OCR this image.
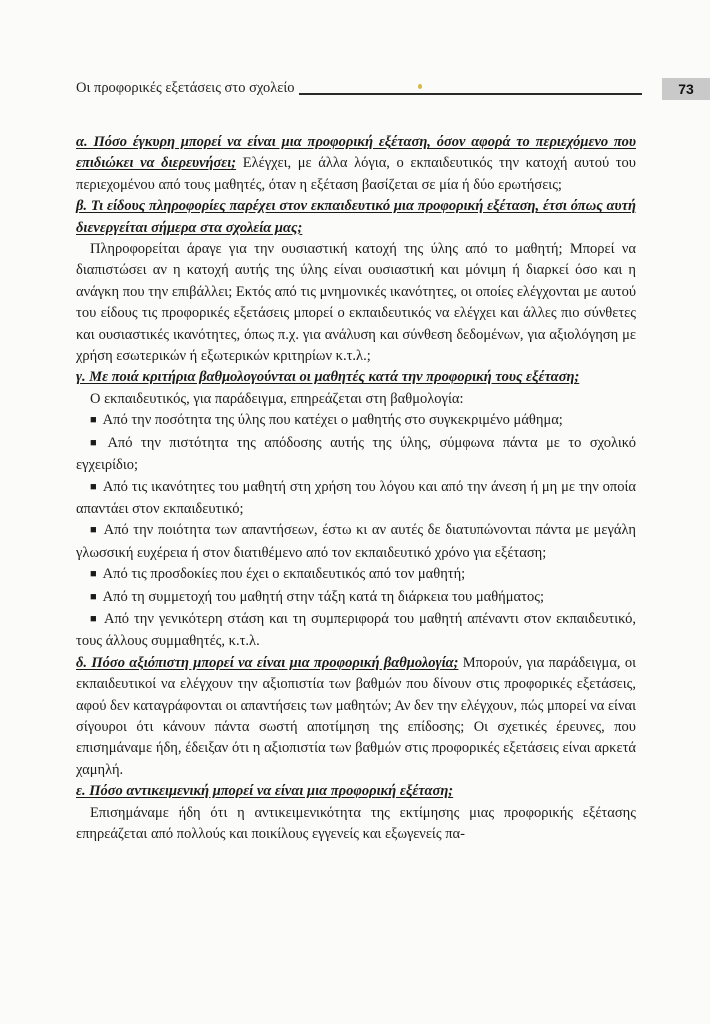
Οι προφορικές εξετάσεις στο σχολείο	73

α. Πόσο έγκυρη μπορεί να είναι μια προφορική εξέταση, όσον αφορά το περιεχόμενο που επιδιώκει να διερευνήσει; Ελέγχει, με άλλα λόγια, ο εκπαιδευτικός την κατοχή αυτού του περιεχομένου από τους μαθητές, όταν η εξέταση βασίζεται σε μία ή δύο ερωτήσεις;

β. Τι είδους πληροφορίες παρέχει στον εκπαιδευτικό μια προφορική εξέταση, έτσι όπως αυτή διενεργείται σήμερα στα σχολεία μας;

Πληροφορείται άραγε για την ουσιαστική κατοχή της ύλης από το μαθητή; Μπορεί να διαπιστώσει αν η κατοχή αυτής της ύλης είναι ουσιαστική και μόνιμη ή διαρκεί όσο και η ανάγκη που την επιβάλλει; Εκτός από τις μνημονικές ικανότητες, οι οποίες ελέγχονται με αυτού του είδους τις προφορικές εξετάσεις μπορεί ο εκπαιδευτικός να ελέγχει και άλλες πιο σύνθετες και ουσιαστικές ικανότητες, όπως π.χ. για ανάλυση και σύνθεση δεδομένων, για αξιολόγηση με χρήση εσωτερικών ή εξωτερικών κριτηρίων κ.τ.λ.;

γ. Με ποιά κριτήρια βαθμολογούνται οι μαθητές κατά την προφορική τους εξέταση;

Ο εκπαιδευτικός, για παράδειγμα, επηρεάζεται στη βαθμολογία:

■ Από την ποσότητα της ύλης που κατέχει ο μαθητής στο συγκεκριμένο μάθημα;

■ Από την πιστότητα της απόδοσης αυτής της ύλης, σύμφωνα πάντα με το σχολικό εγχειρίδιο;

■ Από τις ικανότητες του μαθητή στη χρήση του λόγου και από την άνεση ή μη με την οποία απαντάει στον εκπαιδευτικό;

■ Από την ποιότητα των απαντήσεων, έστω κι αν αυτές δε διατυπώνονται πάντα με μεγάλη γλωσσική ευχέρεια ή στον διατιθέμενο από τον εκπαιδευτικό χρόνο για εξέταση;

■ Από τις προσδοκίες που έχει ο εκπαιδευτικός από τον μαθητή;

■ Από τη συμμετοχή του μαθητή στην τάξη κατά τη διάρκεια του μαθήματος;

■ Από την γενικότερη στάση και τη συμπεριφορά του μαθητή απέναντι στον εκπαιδευτικό, τους άλλους συμμαθητές, κ.τ.λ.

δ. Πόσο αξιόπιστη μπορεί να είναι μια προφορική βαθμολογία; Μπορούν, για παράδειγμα, οι εκπαιδευτικοί να ελέγχουν την αξιοπιστία των βαθμών που δίνουν στις προφορικές εξετάσεις, αφού δεν καταγράφονται οι απαντήσεις των μαθητών; Αν δεν την ελέγχουν, πώς μπορεί να είναι σίγουροι ότι κάνουν πάντα σωστή αποτίμηση της επίδοσης; Οι σχετικές έρευνες, που επισημάναμε ήδη, έδειξαν ότι η αξιοπιστία των βαθμών στις προφορικές εξετάσεις είναι αρκετά χαμηλή.

ε. Πόσο αντικειμενική μπορεί να είναι μια προφορική εξέταση;

Επισημάναμε ήδη ότι η αντικειμενικότητα της εκτίμησης μιας προφορικής εξέτασης επηρεάζεται από πολλούς και ποικίλους εγγενείς και εξωγενείς πα-
